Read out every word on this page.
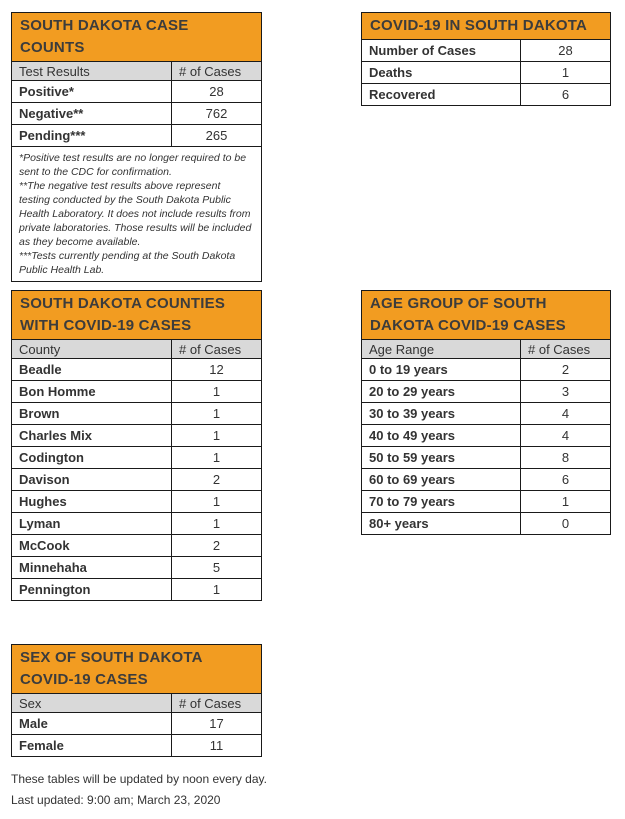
SOUTH DAKOTA CASE COUNTS	
Test Results	# of Cases
Positive*	28
Negative**	762
Pending***	265

*Positive test results are no longer required to be sent to the CDC for confirmation.
**The negative test results above represent testing conducted by the South Dakota Public Health Laboratory. It does not include results from private laboratories. Those results will be included as they become available.
***Tests currently pending at the South Dakota Public Health Lab.	
COVID-19 IN SOUTH DAKOTA	
Number of Cases	28
Deaths	1
Recovered	6
SOUTH DAKOTA COUNTIES WITH COVID-19 CASES	
County	# of Cases
Beadle	12
Bon Homme	1
Brown	1
Charles Mix	1
Codington	1
Davison	2
Hughes	1
Lyman	1
McCook	2
Minnehaha	5
Pennington	1
AGE GROUP OF SOUTH DAKOTA COVID-19 CASES	
Age Range	# of Cases
0 to 19 years	2
20 to 29 years	3
30 to 39 years	4
40 to 49 years	4
50 to 59 years	8
60 to 69 years	6
70 to 79 years	1
80+ years	0
SEX OF SOUTH DAKOTA COVID-19 CASES	
Sex	# of Cases
Male	17
Female	11
These tables will be updated by noon every day.
Last updated: 9:00 am; March 23, 2020
